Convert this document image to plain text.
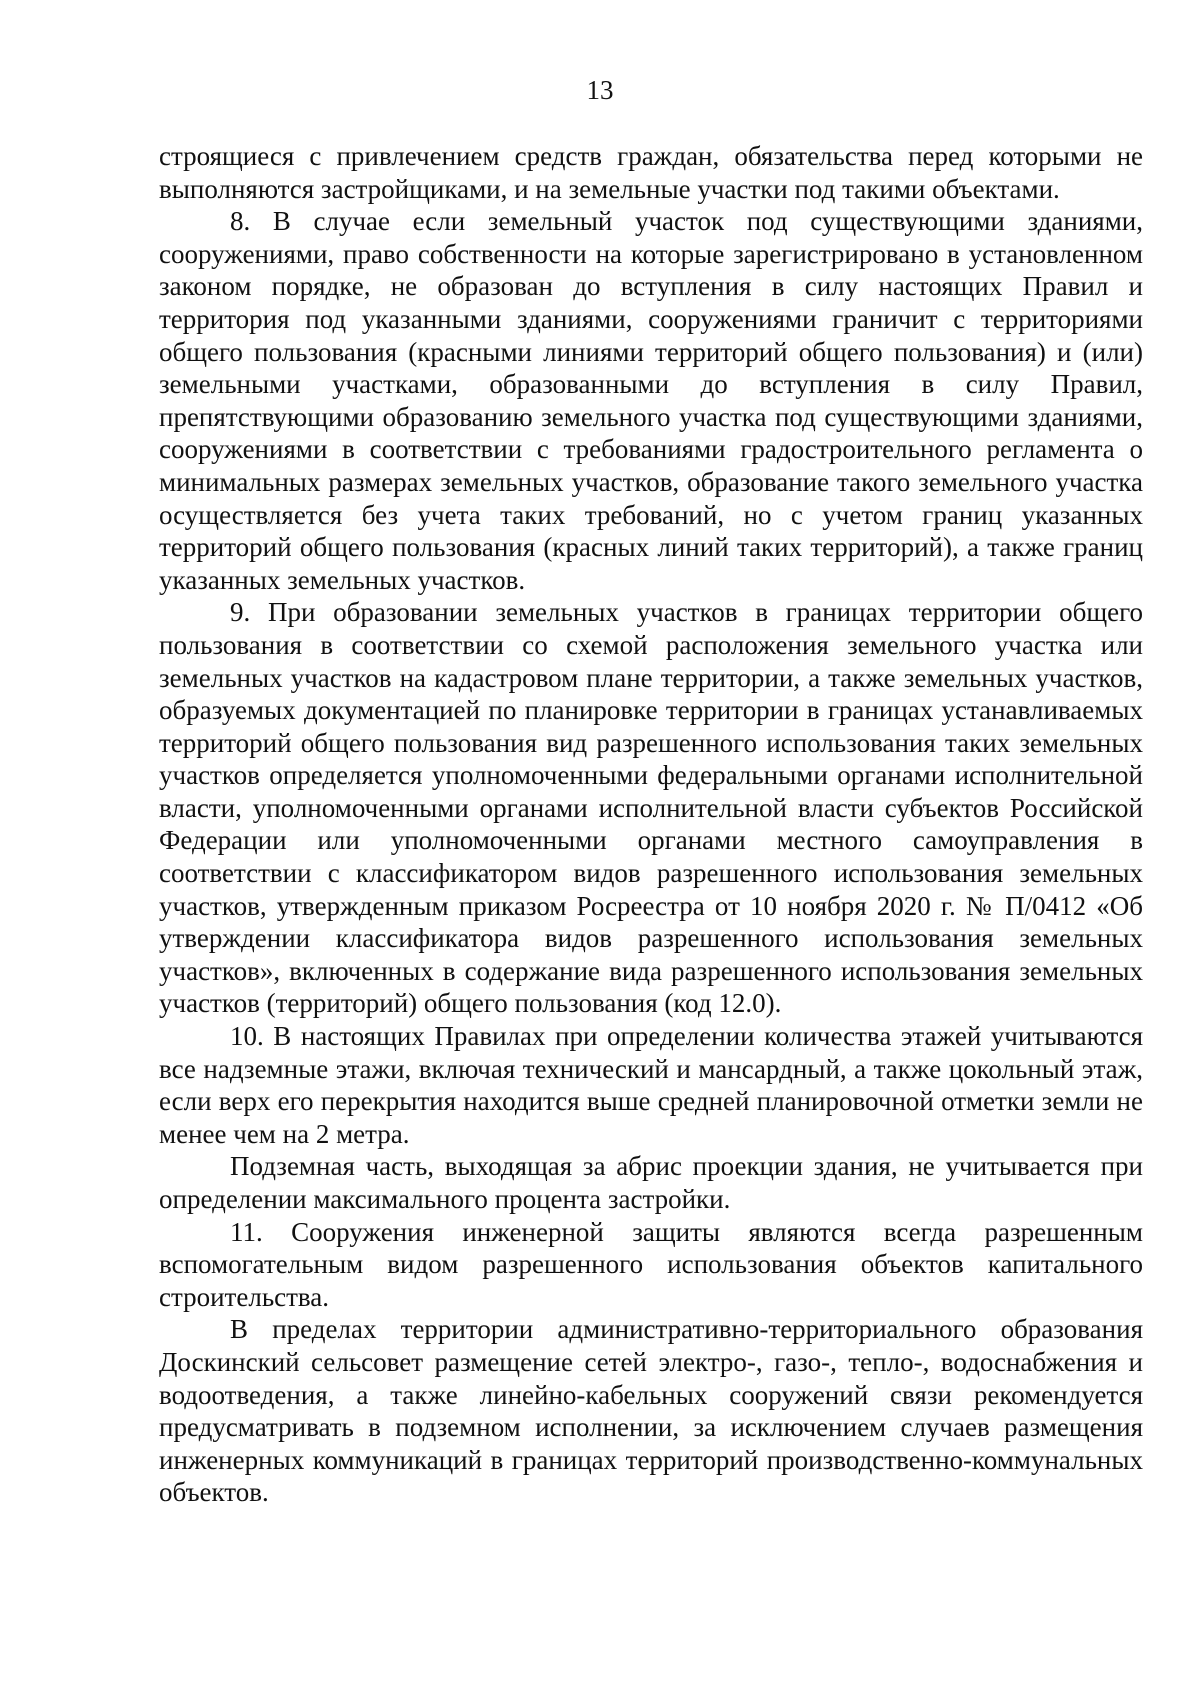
13

строящиеся с привлечением средств граждан, обязательства перед которыми не выполняются застройщиками, и на земельные участки под такими объектами.

8. В случае если земельный участок под существующими зданиями, сооружениями, право собственности на которые зарегистрировано в установленном законом порядке, не образован до вступления в силу настоящих Правил и территория под указанными зданиями, сооружениями граничит с территориями общего пользования (красными линиями территорий общего пользования) и (или) земельными участками, образованными до вступления в силу Правил, препятствующими образованию земельного участка под существующими зданиями, сооружениями в соответствии с требованиями градостроительного регламента о минимальных размерах земельных участков, образование такого земельного участка осуществляется без учета таких требований, но с учетом границ указанных территорий общего пользования (красных линий таких территорий), а также границ указанных земельных участков.

9. При образовании земельных участков в границах территории общего пользования в соответствии со схемой расположения земельного участка или земельных участков на кадастровом плане территории, а также земельных участков, образуемых документацией по планировке территории в границах устанавливаемых территорий общего пользования вид разрешенного использования таких земельных участков определяется уполномоченными федеральными органами исполнительной власти, уполномоченными органами исполнительной власти субъектов Российской Федерации или уполномоченными органами местного самоуправления в соответствии с классификатором видов разрешенного использования земельных участков, утвержденным приказом Росреестра от 10 ноября 2020 г. № П/0412 «Об утверждении классификатора видов разрешенного использования земельных участков», включенных в содержание вида разрешенного использования земельных участков (территорий) общего пользования (код 12.0).

10. В настоящих Правилах при определении количества этажей учитываются все надземные этажи, включая технический и мансардный, а также цокольный этаж, если верх его перекрытия находится выше средней планировочной отметки земли не менее чем на 2 метра.

Подземная часть, выходящая за абрис проекции здания, не учитывается при определении максимального процента застройки.

11. Сооружения инженерной защиты являются всегда разрешенным вспомогательным видом разрешенного использования объектов капитального строительства.

В пределах территории административно-территориального образования Доскинский сельсовет размещение сетей электро-, газо-, тепло-, водоснабжения и водоотведения, а также линейно-кабельных сооружений связи рекомендуется предусматривать в подземном исполнении, за исключением случаев размещения инженерных коммуникаций в границах территорий производственно-коммунальных объектов.
